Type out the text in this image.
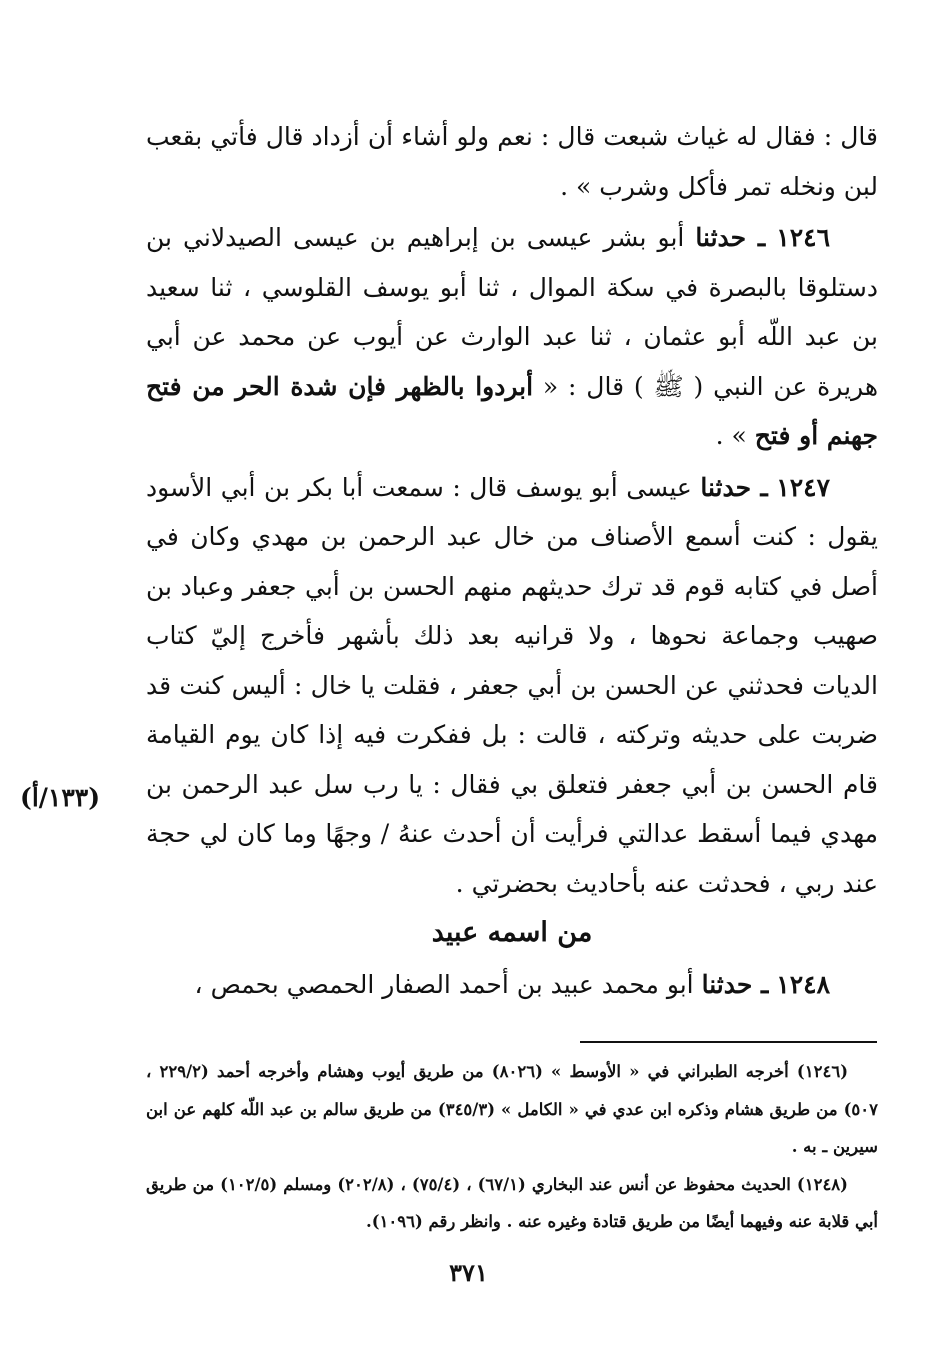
قال : فقال له غياث شبعت قال : نعم ولو أشاء أن أزداد قال فأتي بقعب لبن ونخله تمر فأكل وشرب » .

١٢٤٦ ـ حدثنا أبو بشر عيسى بن إبراهيم بن عيسى الصيدلاني بن دستلوقا بالبصرة في سكة الموال ، ثنا أبو يوسف القلوسي ، ثنا سعيد بن عبد اللّه أبو عثمان ، ثنا عبد الوارث عن أيوب عن محمد عن أبي هريرة عن النبي ( ﷺ ) قال : « أبردوا بالظهر فإن شدة الحر من فتح جهنم أو فتح » .

١٢٤٧ ـ حدثنا عيسى أبو يوسف قال : سمعت أبا بكر بن أبي الأسود يقول : كنت أسمع الأصناف من خال عبد الرحمن بن مهدي وكان في أصل في كتابه قوم قد ترك حديثهم منهم الحسن بن أبي جعفر وعباد بن صهيب وجماعة نحوها ، ولا قرانيه بعد ذلك بأشهر فأخرج إليّ كتاب الديات فحدثني عن الحسن بن أبي جعفر ، فقلت يا خال : أليس كنت قد ضربت على حديثه وتركته ، قالت : بل ففكرت فيه إذا كان يوم القيامة قام الحسن بن أبي جعفر فتعلق بي فقال : يا رب سل عبد الرحمن بن مهدي فيما أسقط عدالتي فرأيت أن أحدث عنهُ / وجهًا وما كان لي حجة عند ربي ، فحدثت عنه بأحاديث بحضرتي .

من اسمه عبيد

١٢٤٨ ـ حدثنا أبو محمد عبيد بن أحمد الصفار الحمصي بحمص ،

(١٣٣/أ)

(١٢٤٦) أخرجه الطبراني في « الأوسط » (٨٠٢٦) من طريق أيوب وهشام وأخرجه أحمد (٢٢٩/٢ ، ٥٠٧) من طريق هشام وذكره ابن عدي في « الكامل » (٣٤٥/٣) من طريق سالم بن عبد اللّه كلهم عن ابن سيرين ـ به .

(١٢٤٨) الحديث محفوظ عن أنس عند البخاري (٦٧/١) ، (٧٥/٤) ، (٢٠٢/٨) ومسلم (١٠٢/٥) من طريق أبي قلابة عنه وفيهما أيضًا من طريق قتادة وغيره عنه . وانظر رقم (١٠٩٦).

٣٧١
